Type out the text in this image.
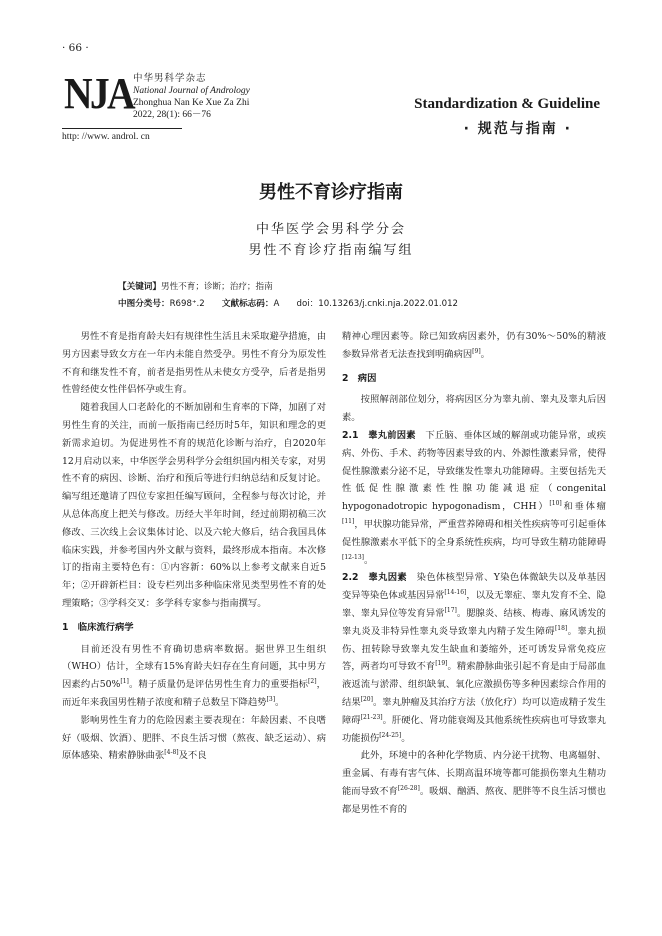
· 66 ·
NJA 中华男科学杂志
National Journal of Andrology
Zhonghua Nan Ke Xue Za Zhi
2022, 28(1): 66－76
http: //www. androl. cn
Standardization & Guideline
· 规范与指南 ·
男性不育诊疗指南
中华医学会男科学分会
男性不育诊疗指南编写组
【关键词】男性不育；诊断；治疗；指南
中图分类号：R698⁺.2   文献标志码：A   doi：10.13263/j.cnki.nja.2022.01.012

男性不育是指育龄夫妇有规律性生活且未采取避孕措施，由男方因素导致女方在一年内未能自然受孕。男性不育分为原发性不育和继发性不育，前者是指男性从未使女方受孕，后者是指男性曾经使女性伴侣怀孕或生育。

随着我国人口老龄化的不断加剧和生育率的下降，加剧了对男性生育的关注，而前一版指南已经历时5年，知识和理念的更新需求迫切。为促进男性不育的规范化诊断与治疗，自2020年12月启动以来，中华医学会男科学分会组织国内相关专家，对男性不育的病因、诊断、治疗和预后等进行归纳总结和反复讨论。编写组还邀请了四位专家担任编写顾问，全程参与每次讨论，并从总体高度上把关与修改。历经大半年时间，经过前期初稿三次修改、三次线上会议集体讨论、以及六轮大修后，结合我国具体临床实践，并参考国内外文献与资料，最终形成本指南。本次修订的指南主要特色有：①内容新：60%以上参考文献来自近5年；②开辟新栏目：设专栏列出多种临床常见类型男性不育的处理策略；③学科交叉：多学科专家参与指南撰写。

1　临床流行病学

目前还没有男性不育确切患病率数据。据世界卫生组织（WHO）估计，全球有15%育龄夫妇存在生育问题，其中男方因素约占50%[1]。精子质量仍是评估男性生育力的重要指标[2]，而近年来我国男性精子浓度和精子总数呈下降趋势[3]。

影响男性生育力的危险因素主要表现在：年龄因素、不良嗜好（吸烟、饮酒）、肥胖、不良生活习惯（熬夜、缺乏运动）、病原体感染、精索静脉曲张[4-8]及不良

精神心理因素等。除已知致病因素外，仍有30%～50%的精液参数异常者无法查找到明确病因[9]。

2　病因

按照解剖部位划分，将病因区分为睾丸前、睾丸及睾丸后因素。

2.1　睾丸前因素　下丘脑、垂体区域的解剖或功能异常，或疾病、外伤、手术、药物等因素导致的内、外源性激素异常，使得促性腺激素分泌不足，导致继发性睾丸功能障碍。主要包括先天性低促性腺激素性性腺功能减退症（congenital hypogonadotropic hypogonadism，CHH）[10]和垂体瘤[11]，甲状腺功能异常，严重营养障碍和相关性疾病等可引起垂体促性腺激素水平低下的全身系统性疾病，均可导致生精功能障碍[12-13]。

2.2　睾丸因素　染色体核型异常、Y染色体微缺失以及单基因变异等染色体或基因异常[14-16]，以及无睾症、睾丸发育不全、隐睾、睾丸异位等发育异常[17]。腮腺炎、结核、梅毒、麻风诱发的睾丸炎及非特异性睾丸炎导致睾丸内精子发生障碍[18]。睾丸损伤、扭转除导致睾丸发生缺血和萎缩外，还可诱发异常免疫应答，两者均可导致不育[19]。精索静脉曲张引起不育是由于局部血液返流与淤滞、组织缺氧、氧化应激损伤等多种因素综合作用的结果[20]。睾丸肿瘤及其治疗方法（放化疗）均可以造成精子发生障碍[21-23]。肝硬化、肾功能衰竭及其他系统性疾病也可导致睾丸功能损伤[24-25]。

此外，环境中的各种化学物质、内分泌干扰物、电离辐射、重金属、有毒有害气体、长期高温环境等都可能损伤睾丸生精功能而导致不育[26-28]。吸烟、酗酒、熬夜、肥胖等不良生活习惯也都是男性不育的
